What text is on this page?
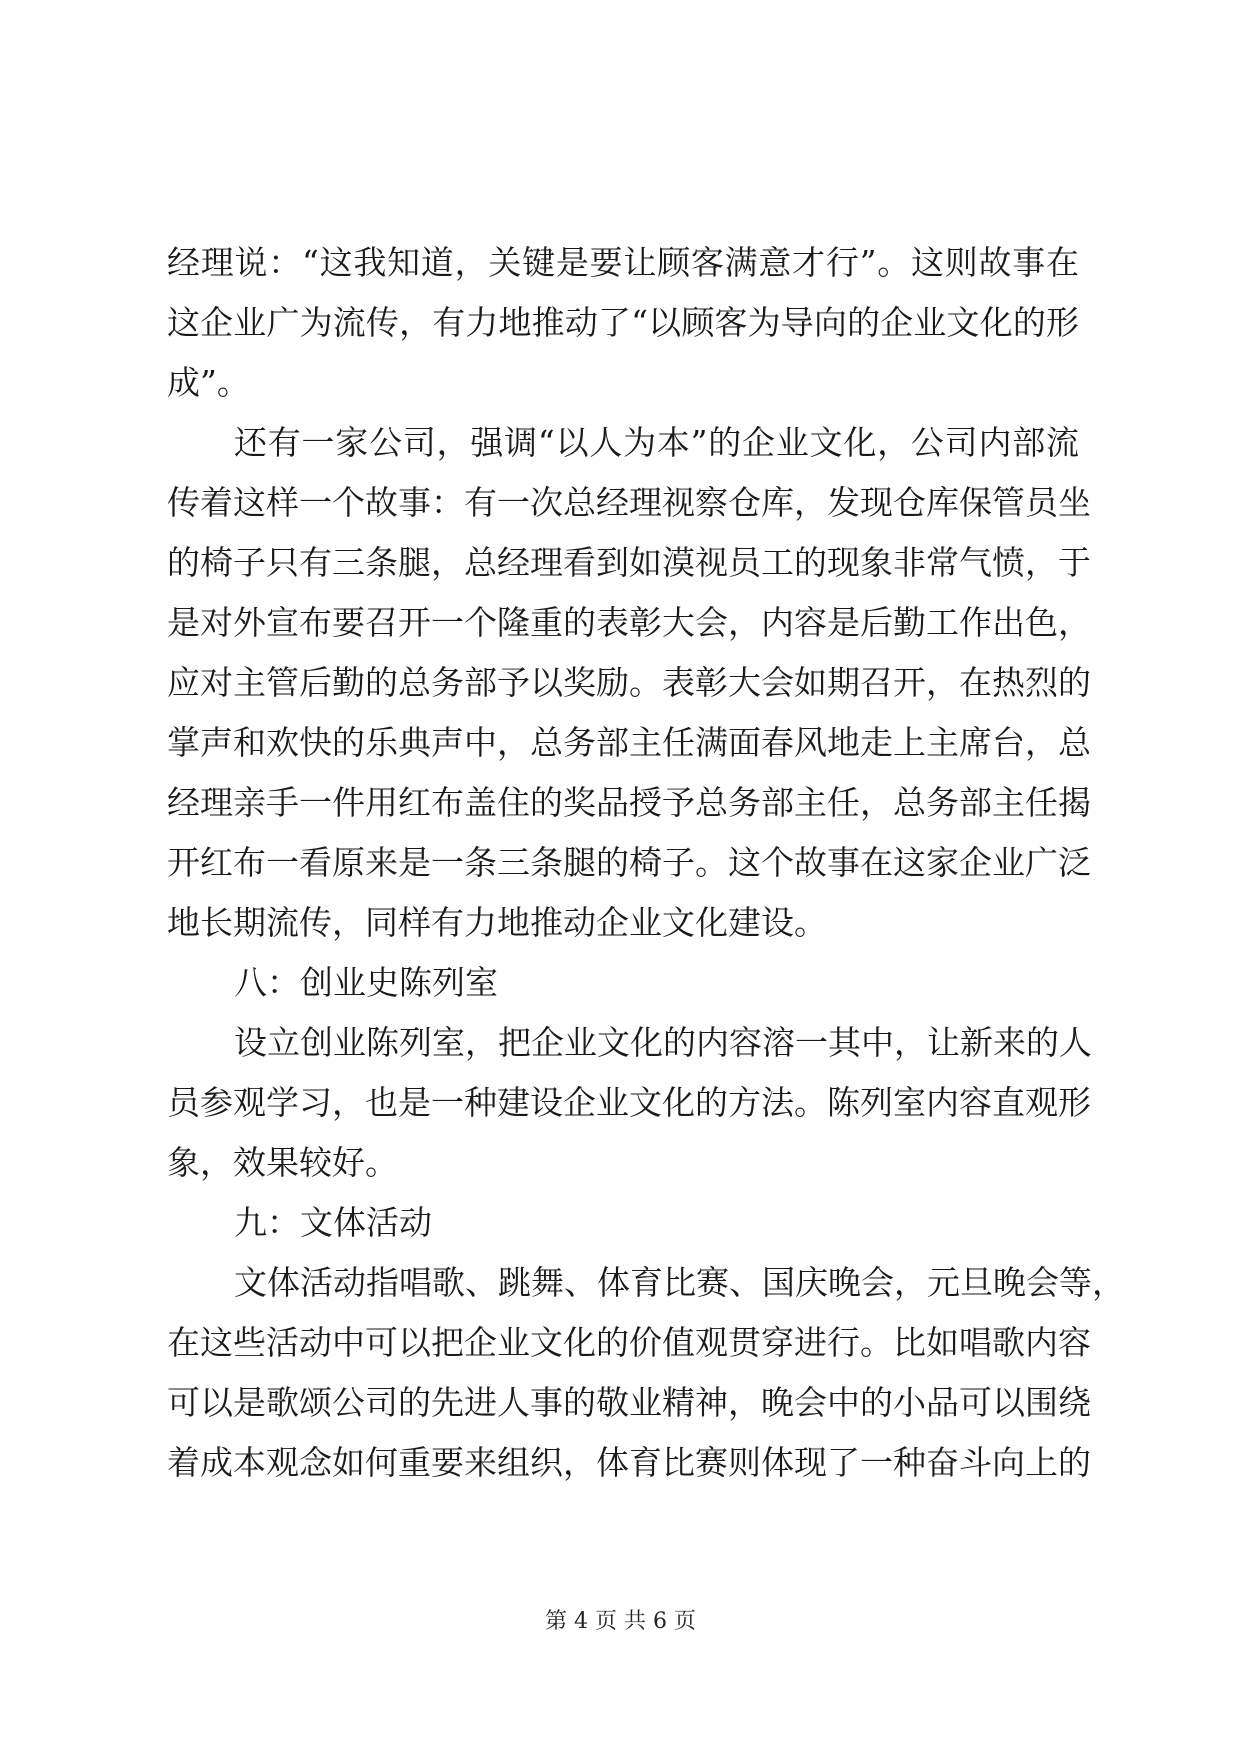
经理说：“这我知道，关键是要让顾客满意才行”。这则故事在
这企业广为流传，有力地推动了“以顾客为导向的企业文化的形
成”。
还有一家公司，强调“以人为本”的企业文化，公司内部流
传着这样一个故事：有一次总经理视察仓库，发现仓库保管员坐
的椅子只有三条腿，总经理看到如漠视员工的现象非常气愤，于
是对外宣布要召开一个隆重的表彰大会，内容是后勤工作出色，
应对主管后勤的总务部予以奖励。表彰大会如期召开，在热烈的
掌声和欢快的乐典声中，总务部主任满面春风地走上主席台，总
经理亲手一件用红布盖住的奖品授予总务部主任，总务部主任揭
开红布一看原来是一条三条腿的椅子。这个故事在这家企业广泛
地长期流传，同样有力地推动企业文化建设。
八：创业史陈列室
设立创业陈列室，把企业文化的内容溶一其中，让新来的人
员参观学习，也是一种建设企业文化的方法。陈列室内容直观形
象，效果较好。
九：文体活动
文体活动指唱歌、跳舞、体育比赛、国庆晚会，元旦晚会等，
在这些活动中可以把企业文化的价值观贯穿进行。比如唱歌内容
可以是歌颂公司的先进人事的敬业精神，晚会中的小品可以围绕
着成本观念如何重要来组织，体育比赛则体现了一种奋斗向上的
第 4 页 共 6 页
